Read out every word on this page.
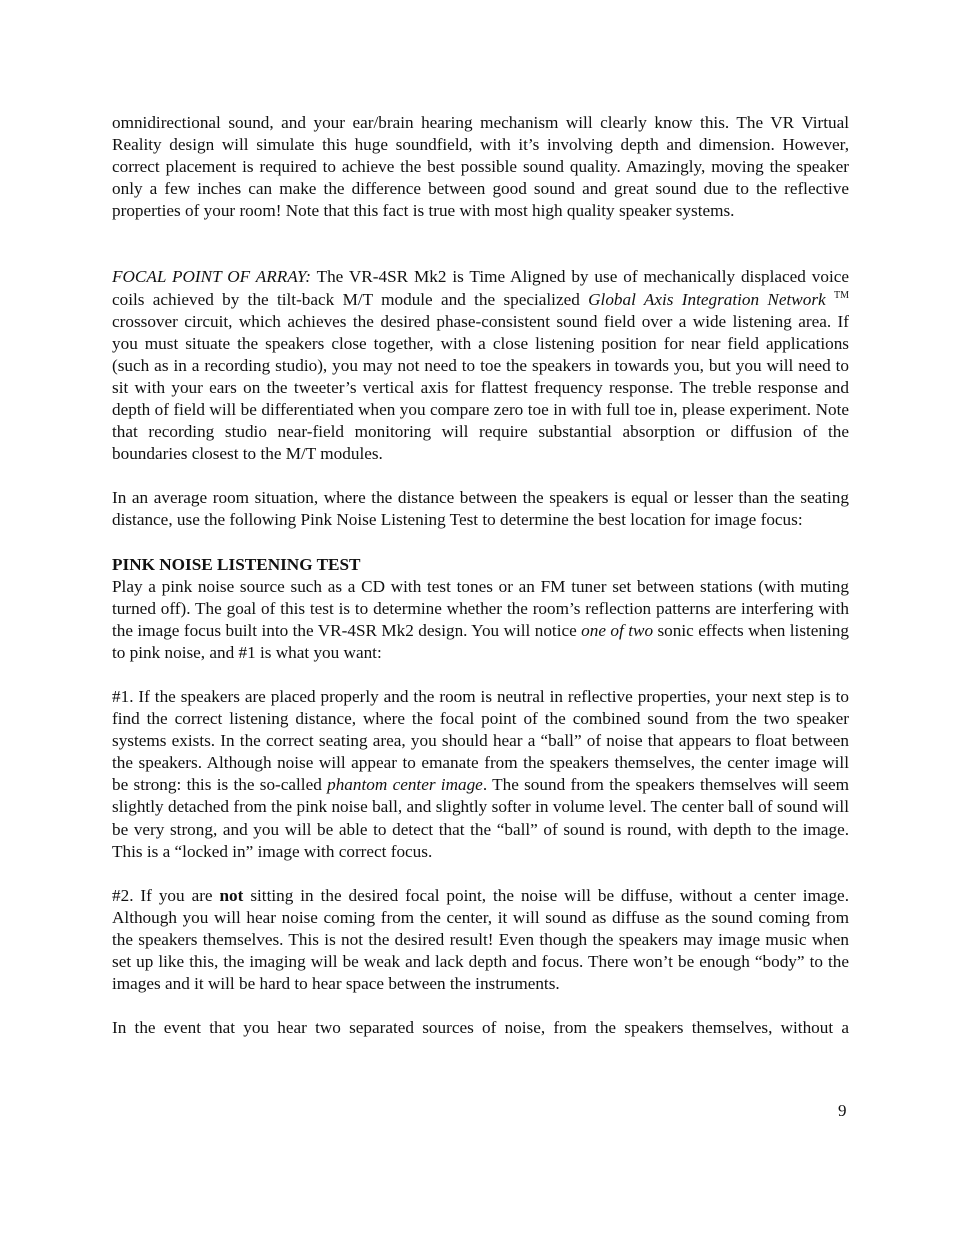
omnidirectional sound, and your ear/brain hearing mechanism will clearly know this. The VR Virtual Reality design will simulate this huge soundfield, with it’s involving depth and dimension. However, correct placement is required to achieve the best possible sound quality. Amazingly, moving the speaker only a few inches can make the difference between good sound and great sound due to the reflective properties of your room! Note that this fact is true with most high quality speaker systems.

FOCAL POINT OF ARRAY: The VR-4SR Mk2 is Time Aligned by use of mechanically displaced voice coils achieved by the tilt-back M/T module and the specialized Global Axis Integration Network ™ crossover circuit, which achieves the desired phase-consistent sound field over a wide listening area. If you must situate the speakers close together, with a close listening position for near field applications (such as in a recording studio), you may not need to toe the speakers in towards you, but you will need to sit with your ears on the tweeter’s vertical axis for flattest frequency response. The treble response and depth of field will be differentiated when you compare zero toe in with full toe in, please experiment. Note that recording studio near-field monitoring will require substantial absorption or diffusion of the boundaries closest to the M/T modules.

In an average room situation, where the distance between the speakers is equal or lesser than the seating distance, use the following Pink Noise Listening Test to determine the best location for image focus:

PINK NOISE LISTENING TEST

Play a pink noise source such as a CD with test tones or an FM tuner set between stations (with muting turned off). The goal of this test is to determine whether the room’s reflection patterns are interfering with the image focus built into the VR-4SR Mk2 design. You will notice one of two sonic effects when listening to pink noise, and #1 is what you want:

#1. If the speakers are placed properly and the room is neutral in reflective properties, your next step is to find the correct listening distance, where the focal point of the combined sound from the two speaker systems exists. In the correct seating area, you should hear a “ball” of noise that appears to float between the speakers. Although noise will appear to emanate from the speakers themselves, the center image will be strong: this is the so-called phantom center image. The sound from the speakers themselves will seem slightly detached from the pink noise ball, and slightly softer in volume level. The center ball of sound will be very strong, and you will be able to detect that the “ball” of sound is round, with depth to the image. This is a “locked in” image with correct focus.

#2. If you are not sitting in the desired focal point, the noise will be diffuse, without a center image. Although you will hear noise coming from the center, it will sound as diffuse as the sound coming from the speakers themselves. This is not the desired result! Even though the speakers may image music when set up like this, the imaging will be weak and lack depth and focus. There won’t be enough “body” to the images and it will be hard to hear space between the instruments.

In the event that you hear two separated sources of noise, from the speakers themselves, without a

9
